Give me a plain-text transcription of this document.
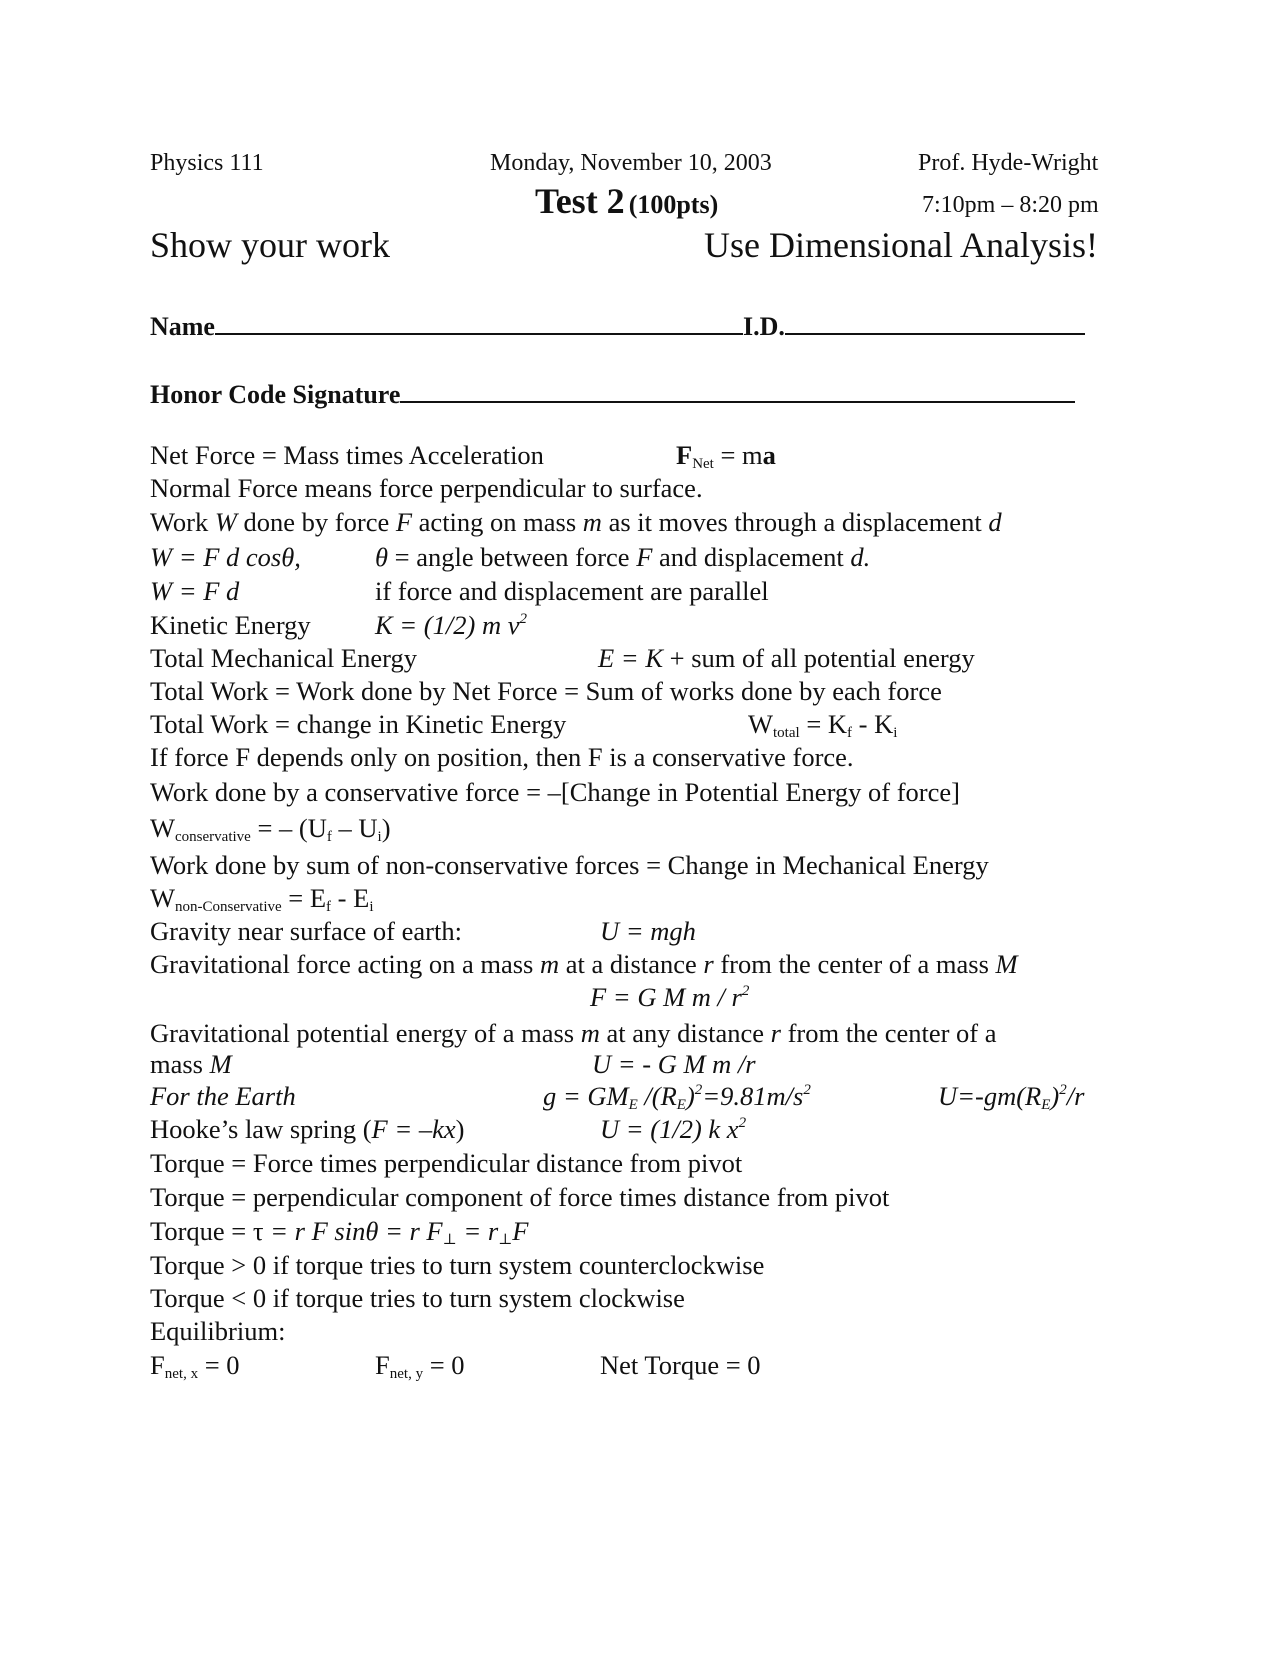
Physics 111	Monday, November 10, 2003	Prof. Hyde-Wright
Test 2 (100pts)	7:10pm – 8:20 pm
Show your work	Use Dimensional Analysis!
Name	I.D.
Honor Code Signature
Net Force = Mass times Acceleration	$F_{Net}$ = ma
Normal Force means force perpendicular to surface.
Work W done by force F acting on mass m as it moves through a displacement d
W = F d cosθ,	θ = angle between force F and displacement d.
W = F d	if force and displacement are parallel
Kinetic Energy K = (1/2) m $v^2$
Total Mechanical Energy	E = K + sum of all potential energy
Total Work = Work done by Net Force = Sum of works done by each force
Total Work = change in Kinetic Energy	$W_{total} = K_f - K_i$
If force F depends only on position, then F is a conservative force.
Work done by a conservative force = –[Change in Potential Energy of force]
$W_{conservative}$ = – $(U_f - U_i)$
Work done by sum of non-conservative forces = Change in Mechanical Energy
$W_{non-Conservative} = E_f - E_i$
Gravity near surface of earth:	U = mgh
Gravitational force acting on a mass m at a distance r from the center of a mass M
F = G M m / $r^2$
Gravitational potential energy of a mass m at any distance r from the center of a
mass M	U = - G M m /r
For the Earth	$g = GM_E$ $/(R_E)^2=9.81m/s^2$	$U=-gm(R_E)^2/r$
Hooke’s law spring (F = –kx)	U = (1/2) k $x^2$
Torque = Force times perpendicular distance from pivot
Torque = perpendicular component of force times distance from pivot
Torque = τ = r F sinθ = r $F_\perp = r_\perp F$
Torque > 0 if torque tries to turn system counterclockwise
Torque < 0 if torque tries to turn system clockwise
Equilibrium:
$F_{net, x} = 0$	$F_{net, y} = 0$	Net Torque = 0
